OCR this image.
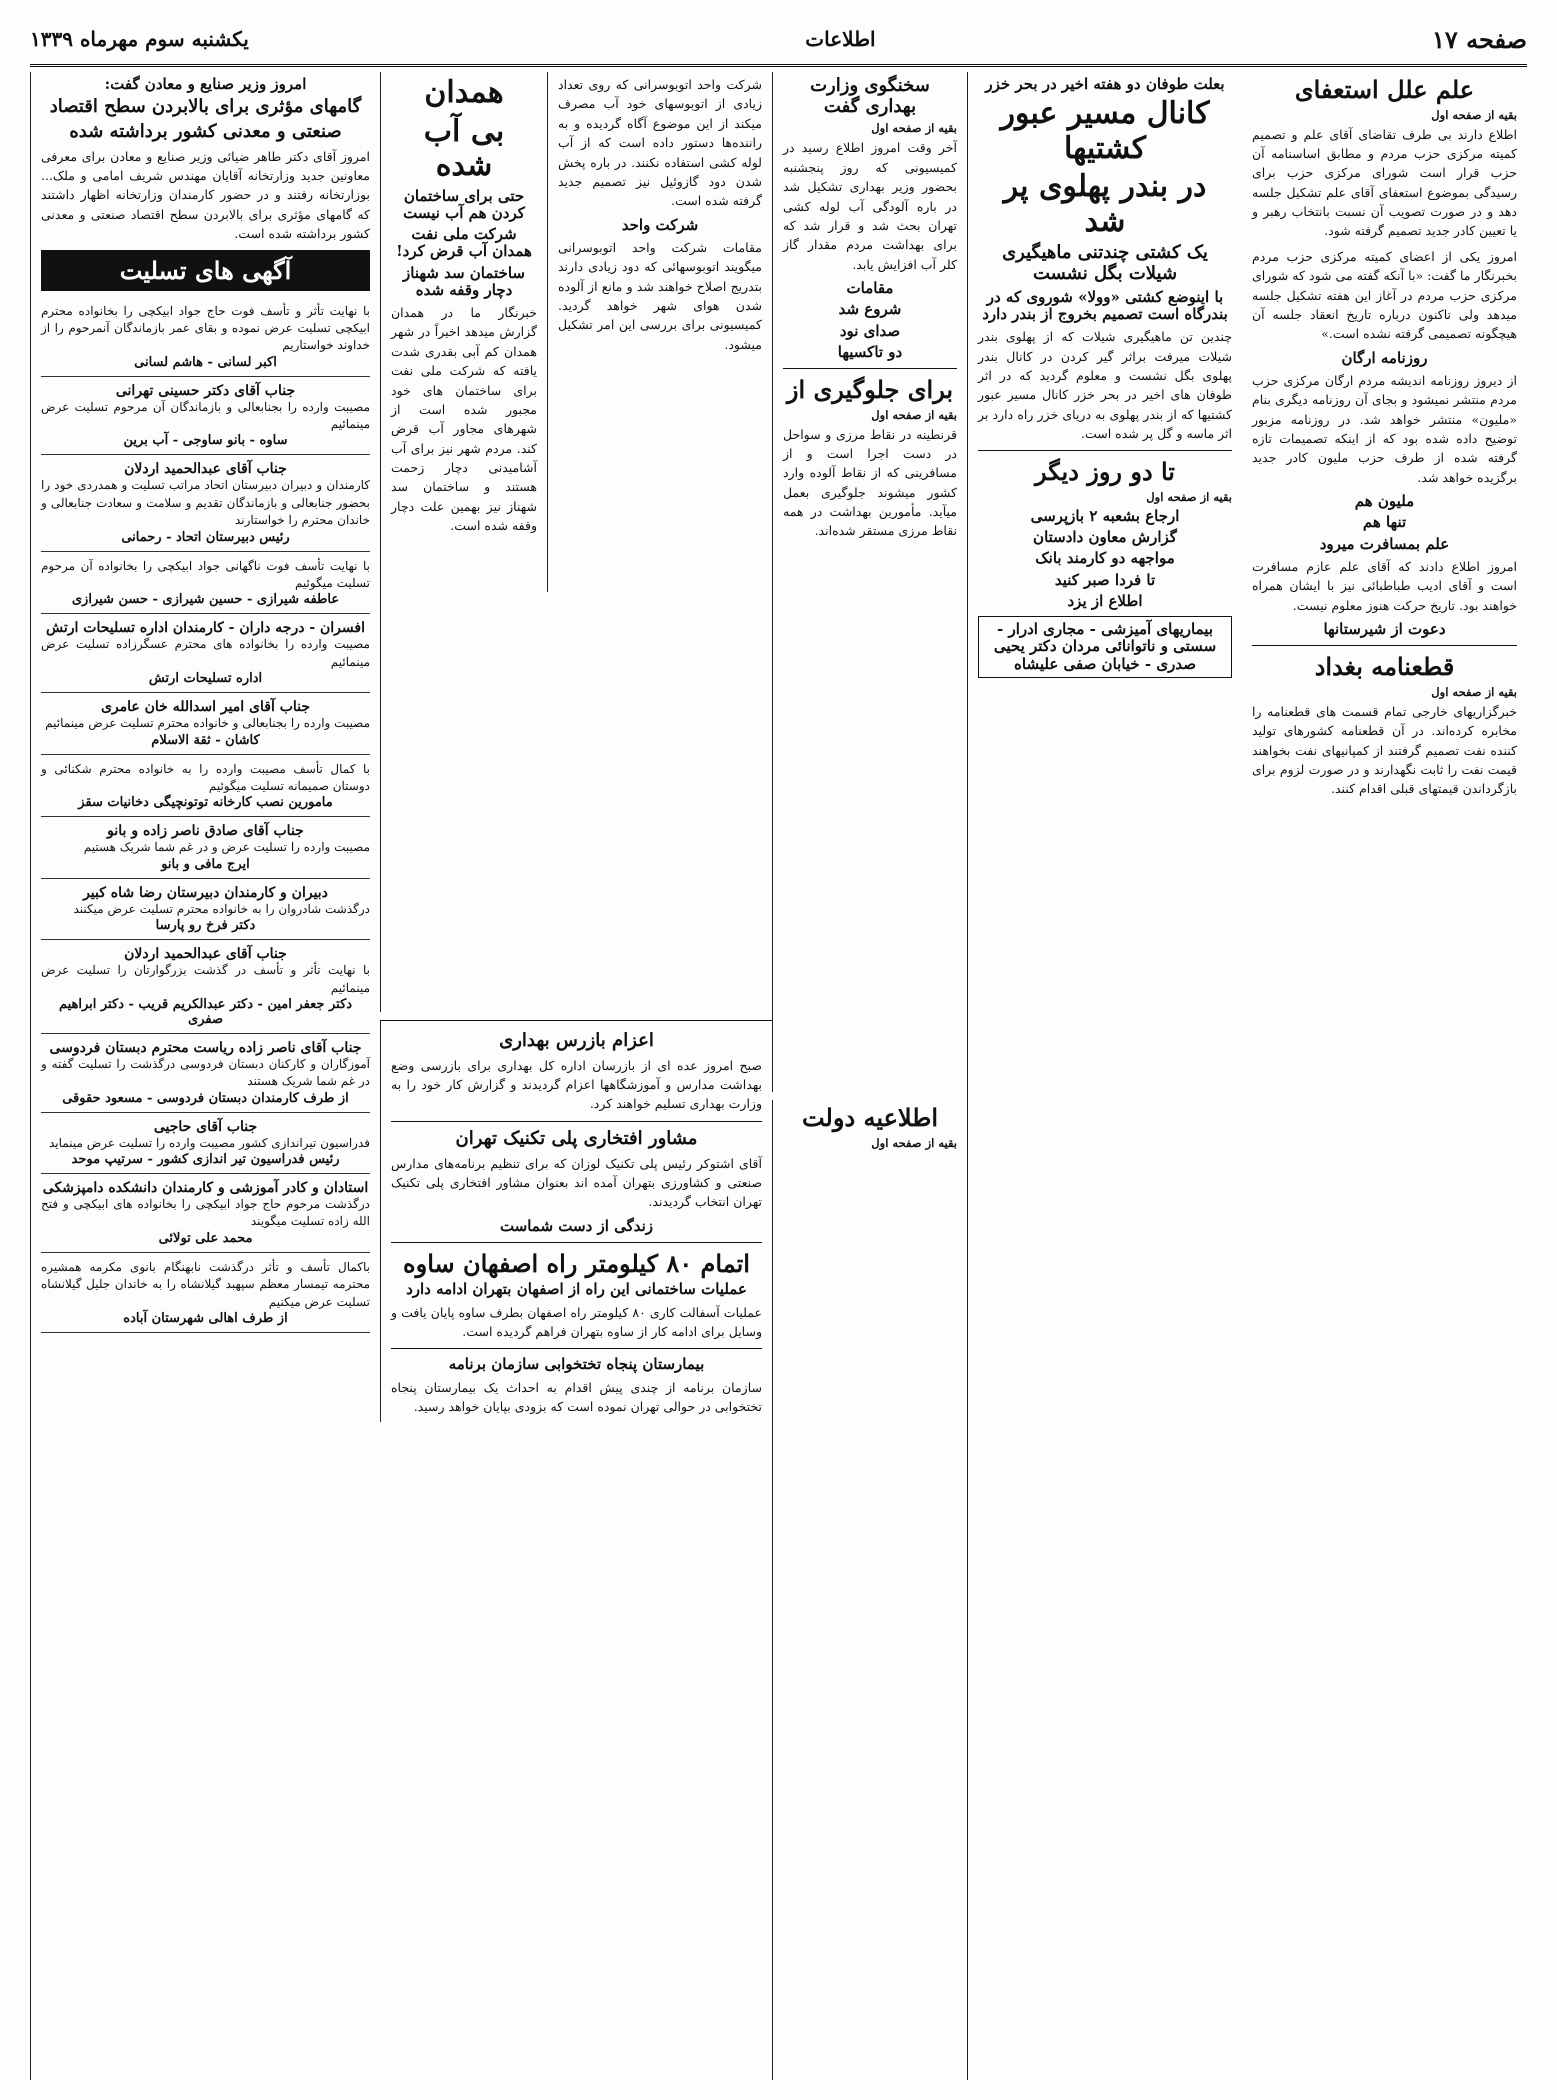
صفحه ۱۷
اطلاعات
یکشنبه سوم مهرماه ۱۳۳۹
علم علل استعفای
بقیه از صفحه اول
اطلاع دارند بی طرف تقاضای آقای علم و تصمیم کمیته مرکزی حزب مردم و مطابق اساسنامه آن حزب قرار است شورای مرکزی حزب برای رسیدگی بموضوع استعفای آقای علم تشکیل جلسه دهد و در صورت تصویب آن نسبت بانتخاب رهبر و یا تعیین کادر جدید تصمیم گرفته شود.
امروز یکی از اعضای کمیته مرکزی حزب مردم بخبرنگار ما گفت: «با آنکه گفته می شود که شورای مرکزی حزب مردم در آغاز این هفته تشکیل جلسه میدهد ولی تاکنون درباره تاریخ انعقاد جلسه آن هیچگونه تصمیمی گرفته نشده است.»
روزنامه ارگان
از دیروز روزنامه اندیشه مردم ارگان مرکزی حزب مردم منتشر نمیشود و بجای آن روزنامه دیگری بنام «ملیون» منتشر خواهد شد. در روزنامه مزبور توضیح داده شده بود که از اینکه تصمیمات تازه گرفته شده از طرف حزب ملیون کادر جدید برگزیده خواهد شد.
ملیون هم
تنها هم
علم بمسافرت میرود
امروز اطلاع دادند که آقای علم عازم مسافرت است و آقای ادیب طباطبائی نیز با ایشان همراه خواهند بود. تاریخ حرکت هنوز معلوم نیست.
دعوت از شیرستانها
قطعنامه بغداد
بقیه از صفحه اول
خبرگزاریهای خارجی تمام قسمت های قطعنامه را مخابره کرده‌اند. در آن قطعنامه کشورهای تولید کننده نفت تصمیم گرفتند از کمپانیهای نفت بخواهند قیمت نفت را ثابت نگهدارند و در صورت لزوم برای بازگرداندن قیمتهای قبلی اقدام کنند.
بعلت طوفان دو هفته اخیر در بحر خزر
کانال مسیر عبور کشتیها
در بندر پهلوی پر شد
یک کشتی چندتنی ماهیگیری شیلات بگل نشست
با اینوضع کشتی «وولا» شوروی که در بندرگاه است تصمیم بخروج از بندر دارد
چندین تن ماهیگیری شیلات که از پهلوی بندر شیلات میرفت براثر گیر کردن در کانال بندر پهلوی بگل نشست و معلوم گردید که در اثر طوفان های اخیر در بحر خزر کانال مسیر عبور کشتیها که از بندر پهلوی به دریای خزر راه دارد بر اثر ماسه و گل پر شده است.
تا دو روز دیگر
بقیه از صفحه اول
ارجاع بشعبه ۲ بازپرسی
گزارش معاون دادستان
مواجهه دو کارمند بانک
تا فردا صبر کنید
اطلاع از یزد
بیماریهای آمیزشی - مجاری ادرار - سستی و ناتوانائی مردان دکتر یحیی صدری - خیابان صفی علیشاه
سخنگوی وزارت بهداری گفت
بقیه از صفحه اول
آخر وقت امروز اطلاع رسید در کمیسیونی که روز پنجشنبه بحضور وزیر بهداری تشکیل شد در باره آلودگی آب لوله کشی تهران بحث شد و قرار شد که برای بهداشت مردم مقدار گاز کلر آب افزایش یابد.
مقامات
شروع شد
صدای نود
دو تاکسیها
برای جلوگیری از
بقیه از صفحه اول
قرنطینه در نقاط مرزی و سواحل در دست اجرا است و از مسافرینی که از نقاط آلوده وارد کشور میشوند جلوگیری بعمل میآید. مأمورین بهداشت در همه نقاط مرزی مستقر شده‌اند.
اطلاعیه دولت
بقیه از صفحه اول
شرکت واحد اتوبوسرانی که روی تعداد زیادی از اتوبوسهای خود آب مصرف میکند از این موضوع آگاه گردیده و به راننده‌ها دستور داده است که از آب لوله کشی استفاده نکنند. در باره پخش شدن دود گازوئیل نیز تصمیم جدید گرفته شده است.
شرکت واحد
مقامات شرکت واحد اتوبوسرانی میگویند اتوبوسهائی که دود زیادی دارند بتدریج اصلاح خواهند شد و مانع از آلوده شدن هوای شهر خواهد گردید. کمیسیونی برای بررسی این امر تشکیل میشود.
اعزام بازرس بهداری
صبح امروز عده ای از بازرسان اداره کل بهداری برای بازرسی وضع بهداشت مدارس و آموزشگاهها اعزام گردیدند و گزارش کار خود را به وزارت بهداری تسلیم خواهند کرد.
مشاور افتخاری پلی تکنیک تهران
آقای اشتوکر رئیس پلی تکنیک لوزان که برای تنظیم برنامه‌های مدارس صنعتی و کشاورزی بتهران آمده اند بعنوان مشاور افتخاری پلی تکنیک تهران انتخاب گردیدند.
زندگی از دست شماست
اتمام ۸۰ کیلومتر راه اصفهان ساوه
عملیات ساختمانی این راه از اصفهان بتهران ادامه دارد
عملیات آسفالت کاری ۸۰ کیلومتر راه اصفهان بطرف ساوه پایان یافت و وسایل برای ادامه کار از ساوه بتهران فراهم گردیده است.
بیمارستان پنجاه تختخوابی سازمان برنامه
سازمان برنامه از چندی پیش اقدام به احداث یک بیمارستان پنجاه تختخوابی در حوالی تهران نموده است که بزودی بپایان خواهد رسید.
همدان
بی آب شده
حتی برای ساختمان کردن هم آب نیست
شرکت ملی نفت همدان آب قرض کرد!
ساختمان سد شهناز دچار وقفه شده
خبرنگار ما در همدان گزارش میدهد اخیراً در شهر همدان کم آبی بقدری شدت یافته که شرکت ملی نفت برای ساختمان های خود مجبور شده است از شهرهای مجاور آب قرض کند. مردم شهر نیز برای آب آشامیدنی دچار زحمت هستند و ساختمان سد شهناز نیز بهمین علت دچار وقفه شده است.
امروز وزیر صنایع و معادن گفت:
گامهای مؤثری برای بالابردن سطح اقتصاد
صنعتی و معدنی کشور برداشته شده
امروز آقای دکتر طاهر ضیائی وزیر صنایع و معادن برای معرفی معاونین جدید وزارتخانه آقایان مهندس شریف امامی و ملک... بوزارتخانه رفتند و در حضور کارمندان وزارتخانه اظهار داشتند که گامهای مؤثری برای بالابردن سطح اقتصاد صنعتی و معدنی کشور برداشته شده است.
آگهی های تسلیت
با نهایت تأثر و تأسف فوت حاج جواد ابیکچی را بخانواده محترم ابیکچی تسلیت عرض نموده و بقای عمر بازماندگان آنمرحوم را از خداوند خواستاریم
اکبر لسانی - هاشم لسانی
جناب آقای دکتر حسینی تهرانی
مصیبت وارده را بجنابعالی و بازماندگان آن مرحوم تسلیت عرض مینمائیم
ساوه - بانو ساوجی - آب برین
جناب آقای عبدالحمید اردلان
کارمندان و دبیران دبیرستان اتحاد مراتب تسلیت و همدردی خود را بحضور جنابعالی و بازماندگان تقدیم و سلامت و سعادت جنابعالی و خاندان محترم را خواستارند
رئیس دبیرستان اتحاد - رحمانی
با نهایت تأسف فوت ناگهانی جواد ابیکچی را بخانواده آن مرحوم تسلیت میگوئیم
عاطفه شیرازی - حسین شیرازی - حسن شیرازی
افسران - درجه داران - کارمندان اداره تسلیحات ارتش
مصیبت وارده را بخانواده های محترم عسگرزاده تسلیت عرض مینمائیم
اداره تسلیحات ارتش
جناب آقای امیر اسدالله خان عامری
مصیبت وارده را بجنابعالی و خانواده محترم تسلیت عرض مینمائیم
کاشان - ثقة الاسلام
با کمال تأسف مصیبت وارده را به خانواده محترم شکنائی و دوستان صمیمانه تسلیت میگوئیم
مامورین نصب کارخانه توتونچیگی دخانیات سقز
جناب آقای صادق ناصر زاده و بانو
مصیبت وارده را تسلیت عرض و در غم شما شریک هستیم
ایرج مافی و بانو
دبیران و کارمندان دبیرستان رضا شاه کبیر
درگذشت شادروان را به خانواده محترم تسلیت عرض میکنند
دکتر فرخ رو پارسا
جناب آقای عبدالحمید اردلان
با نهایت تأثر و تأسف در گذشت بزرگوارتان را تسلیت عرض مینمائیم
دکتر جعفر امین - دکتر عبدالکریم قریب - دکتر ابراهیم صفری
جناب آقای ناصر زاده ریاست محترم دبستان فردوسی
آموزگاران و کارکنان دبستان فردوسی درگذشت را تسلیت گفته و در غم شما شریک هستند
از طرف کارمندان دبستان فردوسی - مسعود حقوقی
جناب آقای حاجیی
فدراسیون تیراندازی کشور مصیبت وارده را تسلیت عرض مینماید
رئیس فدراسیون تیر اندازی کشور - سرتیپ موحد
استادان و کادر آموزشی و کارمندان دانشکده دامپزشکی
درگذشت مرحوم حاج جواد ابیکچی را بخانواده های ابیکچی و فتح الله زاده تسلیت میگویند
محمد علی تولائی
باکمال تأسف و تأثر درگذشت نابهنگام بانوی مکرمه همشیره محترمه تیمسار معظم سپهبد گیلانشاه را به خاندان جلیل گیلانشاه تسلیت عرض میکنیم
از طرف اهالی شهرستان آباده
